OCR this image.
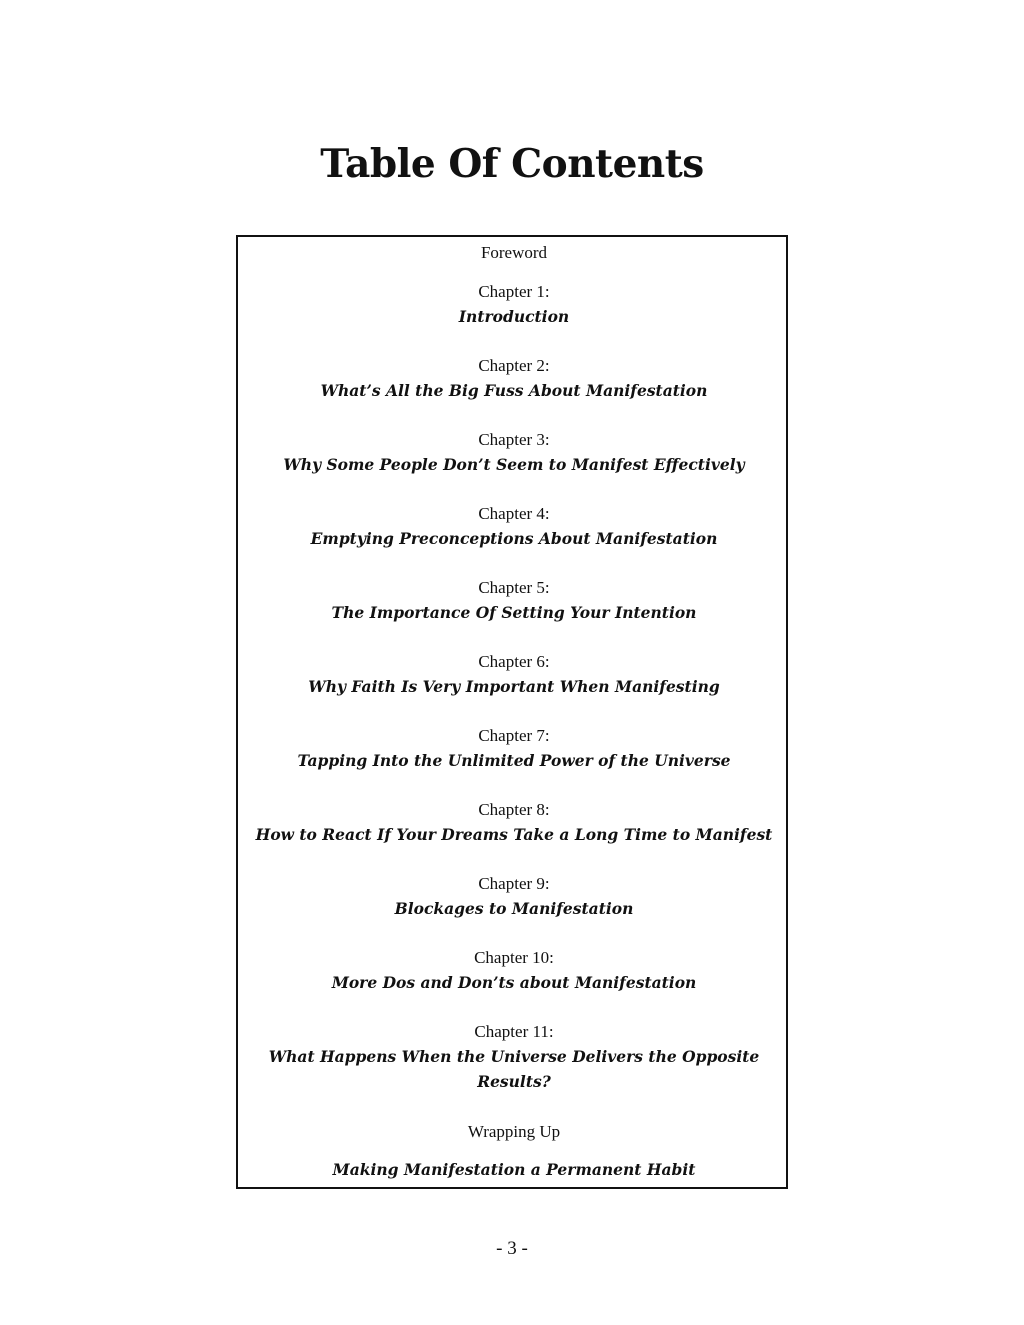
Table Of Contents
Foreword
Chapter 1:
Introduction
Chapter 2:
What’s All the Big Fuss About Manifestation
Chapter 3:
Why Some People Don’t Seem to Manifest Effectively
Chapter 4:
Emptying Preconceptions About Manifestation
Chapter 5:
The Importance Of Setting Your Intention
Chapter 6:
Why Faith Is Very Important When Manifesting
Chapter 7:
Tapping Into the Unlimited Power of the Universe
Chapter 8:
How to React If Your Dreams Take a Long Time to Manifest
Chapter 9:
Blockages to Manifestation
Chapter 10:
More Dos and Don’ts about Manifestation
Chapter 11:
What Happens When the Universe Delivers the Opposite
Results?
Wrapping Up
Making Manifestation a Permanent Habit
- 3 -
